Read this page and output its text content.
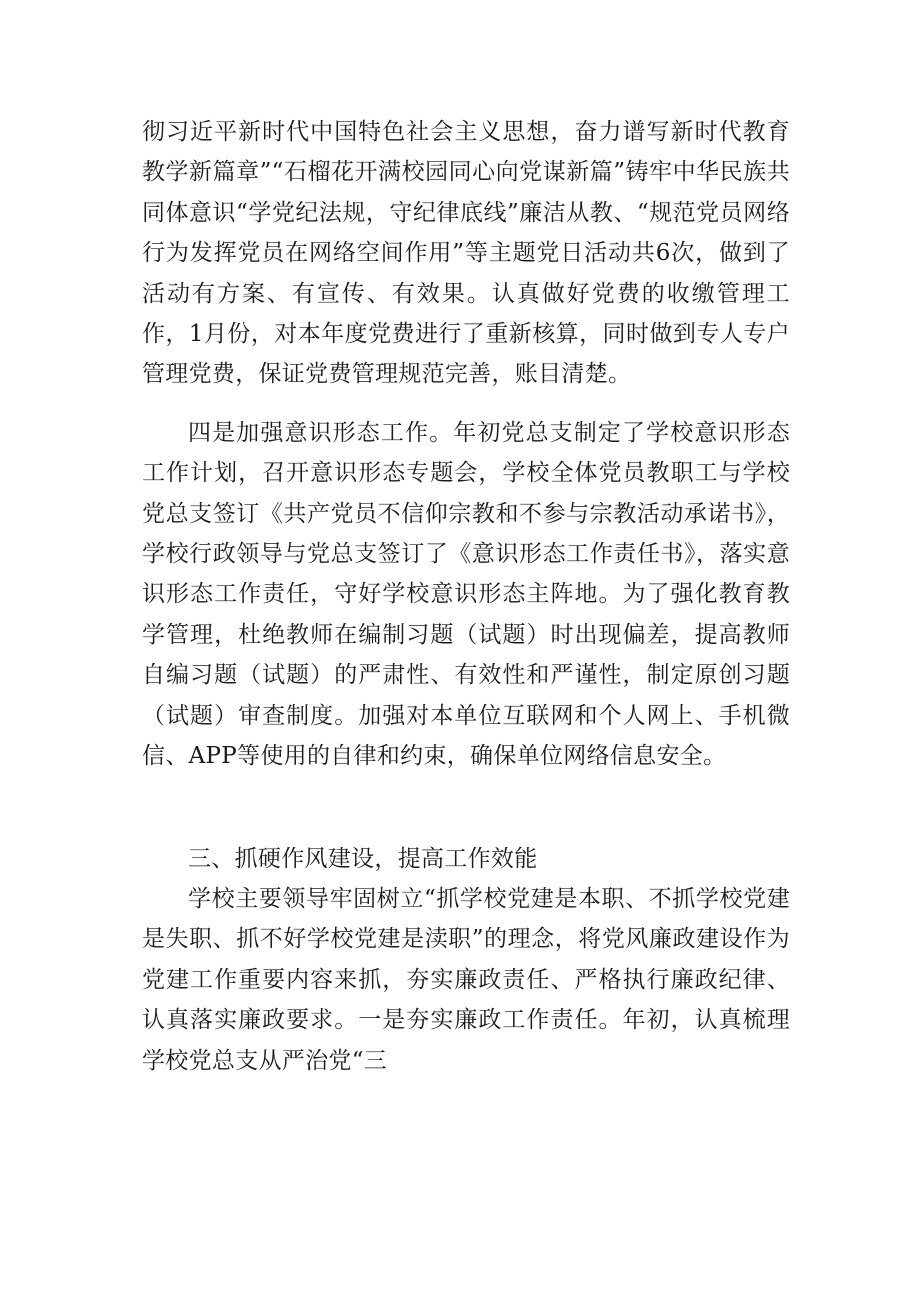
彻习近平新时代中国特色社会主义思想，奋力谱写新时代教育教学新篇章”“石榴花开满校园同心向党谋新篇”铸牢中华民族共同体意识“学党纪法规，守纪律底线”廉洁从教、“规范党员网络行为发挥党员在网络空间作用”等主题党日活动共6次，做到了活动有方案、有宣传、有效果。认真做好党费的收缴管理工作，1月份，对本年度党费进行了重新核算，同时做到专人专户管理党费，保证党费管理规范完善，账目清楚。

四是加强意识形态工作。年初党总支制定了学校意识形态工作计划，召开意识形态专题会，学校全体党员教职工与学校党总支签订《共产党员不信仰宗教和不参与宗教活动承诺书》，学校行政领导与党总支签订了《意识形态工作责任书》，落实意识形态工作责任，守好学校意识形态主阵地。为了强化教育教学管理，杜绝教师在编制习题（试题）时出现偏差，提高教师自编习题（试题）的严肃性、有效性和严谨性，制定原创习题（试题）审查制度。加强对本单位互联网和个人网上、手机微信、APP等使用的自律和约束，确保单位网络信息安全。

三、抓硬作风建设，提高工作效能

学校主要领导牢固树立“抓学校党建是本职、不抓学校党建是失职、抓不好学校党建是渎职”的理念，将党风廉政建设作为党建工作重要内容来抓，夯实廉政责任、严格执行廉政纪律、认真落实廉政要求。一是夯实廉政工作责任。年初，认真梳理学校党总支从严治党“三
